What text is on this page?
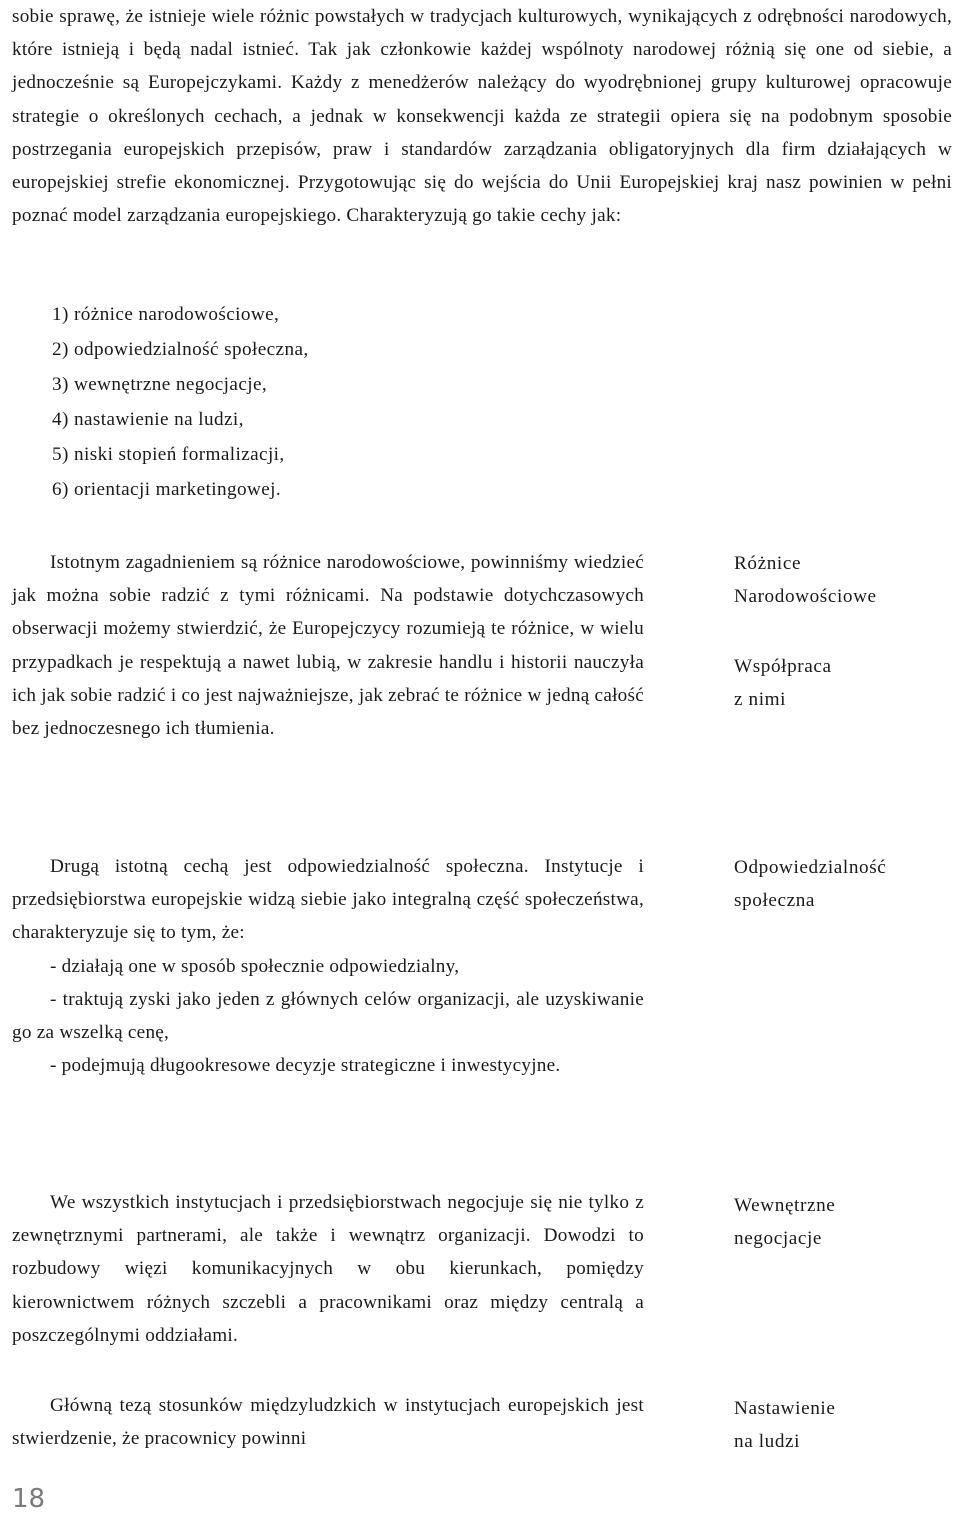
sobie sprawę, że istnieje wiele różnic powstałych w tradycjach kulturowych, wynikających z odrębności narodowych, które istnieją i będą nadal istnieć. Tak jak członkowie każdej wspólnoty narodowej różnią się one od siebie, a jednocześnie są Europejczykami. Każdy z menedżerów należący do wyodrębnionej grupy kulturowej opracowuje strategie o określonych cechach, a jednak w konsekwencji każda ze strategii opiera się na podobnym sposobie postrzegania europejskich przepisów, praw i standardów zarządzania obligatoryjnych dla firm działających w europejskiej strefie ekonomicznej. Przygotowując się do wejścia do Unii Europejskiej kraj nasz powinien w pełni poznać model zarządzania europejskiego. Charakteryzują go takie cechy jak:

1) różnice narodowościowe,
2) odpowiedzialność społeczna,
3) wewnętrzne negocjacje,
4) nastawienie na ludzi,
5) niski stopień formalizacji,
6) orientacji marketingowej.

Istotnym zagadnieniem są różnice narodowościowe, powinniśmy wiedzieć jak można sobie radzić z tymi różnicami. Na podstawie dotychczasowych obserwacji możemy stwierdzić, że Europejczycy rozumieją te różnice, w wielu przypadkach je respektują a nawet lubią, w zakresie handlu i historii nauczyła ich jak sobie radzić i co jest najważniejsze, jak zebrać te różnice w jedną całość bez jednoczesnego ich tłumienia.

Różnice
Narodowościowe
Współpraca
z nimi

Drugą istotną cechą jest odpowiedzialność społeczna. Instytucje i przedsiębiorstwa europejskie widzą siebie jako integralną część społeczeństwa, charakteryzuje się to tym, że:

- działają one w sposób społecznie odpowiedzialny,

- traktują zyski jako jeden z głównych celów organizacji, ale uzyskiwanie go za wszelką cenę,

- podejmują długookresowe decyzje strategiczne i inwestycyjne.

Odpowiedzialność
społeczna

We wszystkich instytucjach i przedsiębiorstwach negocjuje się nie tylko z zewnętrznymi partnerami, ale także i wewnątrz organizacji. Dowodzi to rozbudowy więzi komunikacyjnych w obu kierunkach, pomiędzy kierownictwem różnych szczebli a pracownikami oraz między centralą a poszczególnymi oddziałami.

Wewnętrzne
negocjacje

Główną tezą stosunków międzyludzkich w instytucjach europejskich jest stwierdzenie, że pracownicy powinni

Nastawienie
na ludzi
18
